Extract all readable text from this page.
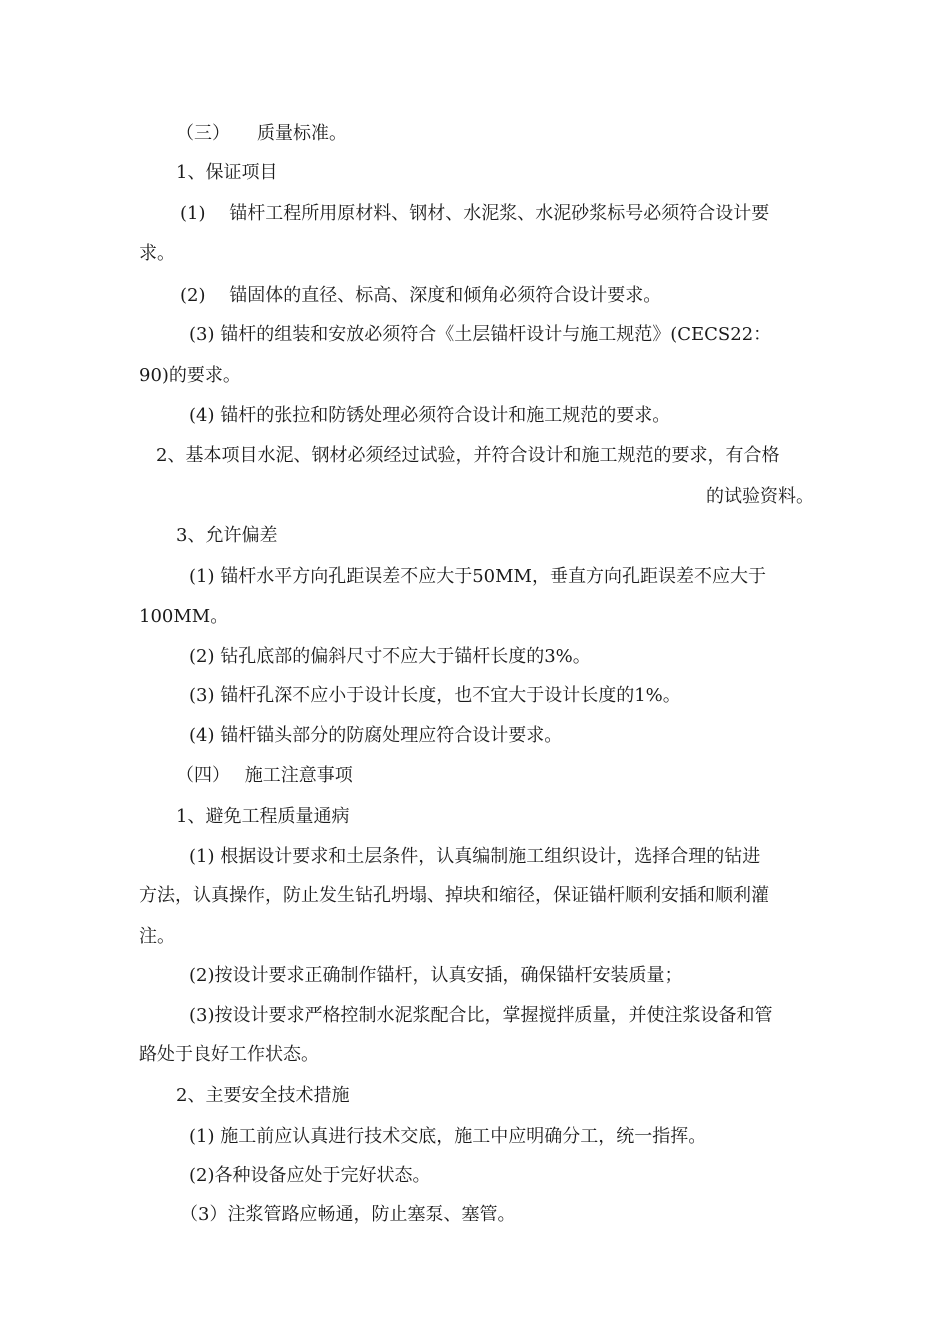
（三）　　质量标准。

1、保证项目

(1)　 锚杆工程所用原材料、钢材、水泥浆、水泥砂浆标号必须符合设计要

求。

(2)　 锚固体的直径、标高、深度和倾角必须符合设计要求。

(3) 锚杆的组装和安放必须符合《土层锚杆设计与施工规范》(CECS22：

90)的要求。

(4) 锚杆的张拉和防锈处理必须符合设计和施工规范的要求。

2、基本项目水泥、钢材必须经过试验，并符合设计和施工规范的要求，有合格

的试验资料。

3、允许偏差

(1) 锚杆水平方向孔距误差不应大于50MM，垂直方向孔距误差不应大于

100MM。

(2) 钻孔底部的偏斜尺寸不应大于锚杆长度的3%。

(3) 锚杆孔深不应小于设计长度，也不宜大于设计长度的1%。

(4) 锚杆锚头部分的防腐处理应符合设计要求。

（四）　 施工注意事项

1、避免工程质量通病

(1) 根据设计要求和土层条件，认真编制施工组织设计，选择合理的钻进

方法，认真操作，防止发生钻孔坍塌、掉块和缩径，保证锚杆顺利安插和顺利灌

注。

(2)按设计要求正确制作锚杆，认真安插，确保锚杆安装质量；

(3)按设计要求严格控制水泥浆配合比，掌握搅拌质量，并使注浆设备和管

路处于良好工作状态。

2、主要安全技术措施

(1) 施工前应认真进行技术交底，施工中应明确分工，统一指挥。

(2)各种设备应处于完好状态。

（3）注浆管路应畅通，防止塞泵、塞管。
